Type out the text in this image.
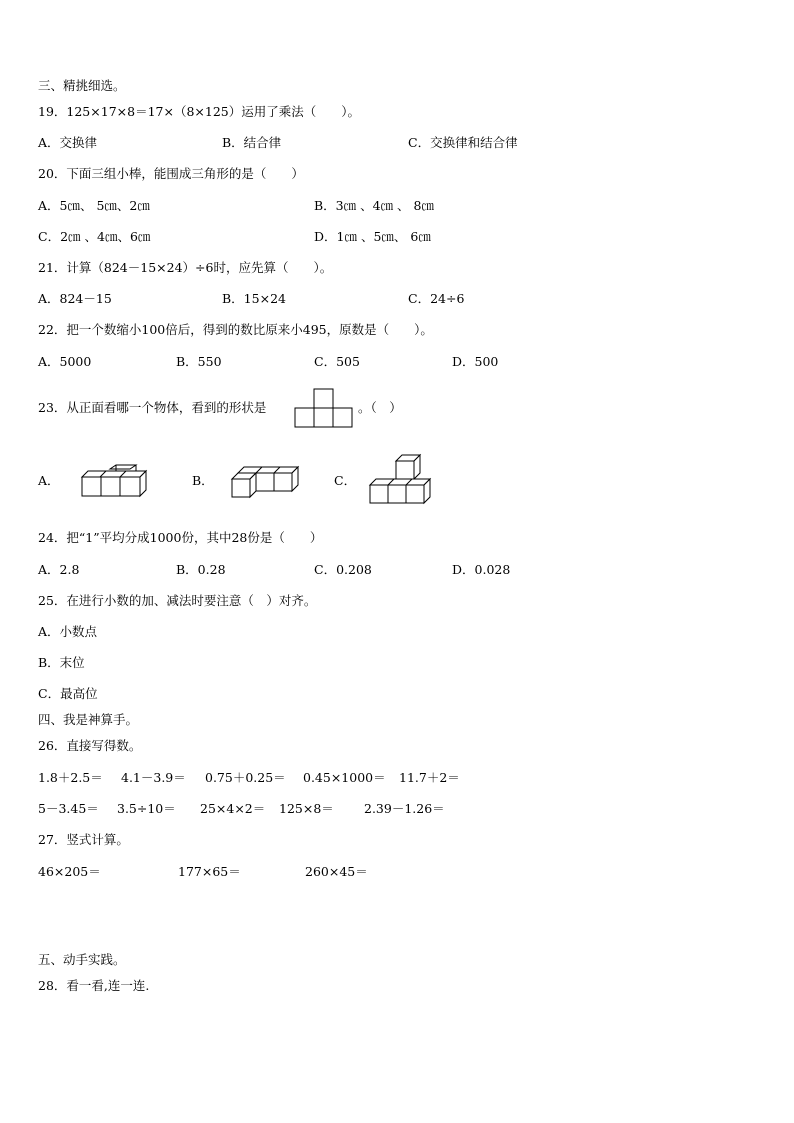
三、精挑细选。
19．125×17×8＝17×（8×125）运用了乘法（　　）。
A．交换律	B．结合律	C．交换律和结合律
20．下面三组小棒，能围成三角形的是（　　）
A．5㎝、 5㎝、2㎝	B．3㎝ 、4㎝ 、 8㎝
C．2㎝ 、4㎝、6㎝	D．1㎝ 、5㎝、 6㎝
21．计算（824－15×24）÷6时，应先算（　　）。
A．824－15	B．15×24	C．24÷6
22．把一个数缩小100倍后，得到的数比原来小495，原数是（　　）。
A．5000	B．550	C．505	D．500
23．从正面看哪一个物体，看到的形状是	。（　）
A．	B．	C．
24．把“1”平均分成1000份，其中28份是（　　）
A．2.8	B．0.28	C．0.208	D．0.028
25．在进行小数的加、减法时要注意（　）对齐。
A．小数点
B．末位
C．最高位
四、我是神算手。
26．直接写得数。
1.8＋2.5＝ 4.1－3.9＝ 0.75＋0.25＝ 0.45×1000＝ 11.7＋2＝
5－3.45＝ 3.5÷10＝ 25×4×2＝ 125×8＝ 2.39－1.26＝
27．竖式计算。
46×205＝	177×65＝	260×45＝
五、动手实践。
28．看一看,连一连.
